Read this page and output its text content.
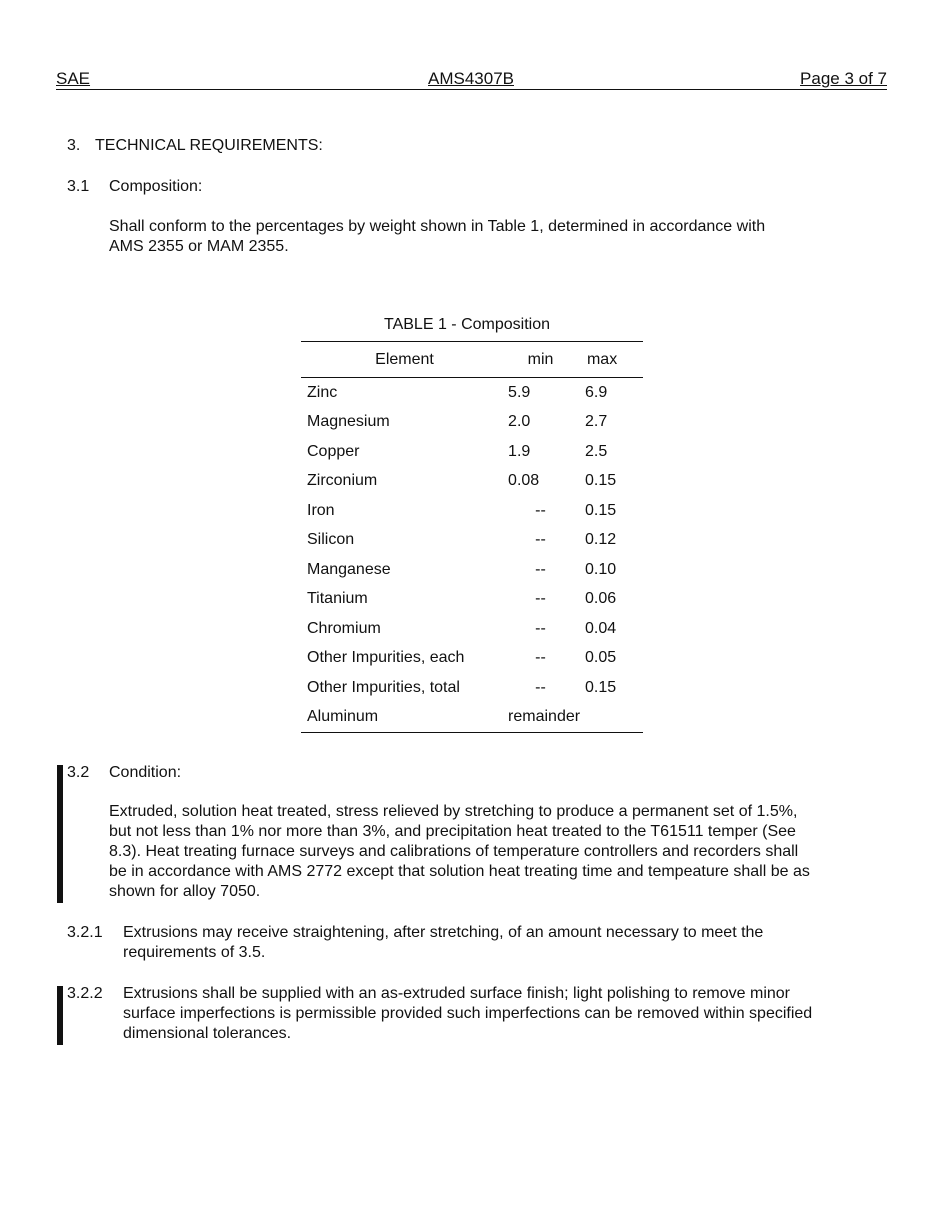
SAE	AMS4307B	Page 3 of 7
3. TECHNICAL REQUIREMENTS:
3.1 Composition:
Shall conform to the percentages by weight shown in Table 1, determined in accordance with
AMS 2355 or MAM 2355.
TABLE 1 - Composition
Element	min	max
Zinc	5.9	6.9
Magnesium	2.0	2.7
Copper	1.9	2.5
Zirconium	0.08	0.15
Iron	--	0.15
Silicon	--	0.12
Manganese	--	0.10
Titanium	--	0.06
Chromium	--	0.04
Other Impurities, each	--	0.05
Other Impurities, total	--	0.15
Aluminum	remainder	
3.2 Condition:
Extruded, solution heat treated, stress relieved by stretching to produce a permanent set of 1.5%,
but not less than 1% nor more than 3%, and precipitation heat treated to the T61511 temper (See
8.3). Heat treating furnace surveys and calibrations of temperature controllers and recorders shall
be in accordance with AMS 2772 except that solution heat treating time and tempeature shall be as
shown for alloy 7050.
3.2.1 Extrusions may receive straightening, after stretching, of an amount necessary to meet the
requirements of 3.5.
3.2.2 Extrusions shall be supplied with an as-extruded surface finish; light polishing to remove minor
surface imperfections is permissible provided such imperfections can be removed within specified
dimensional tolerances.
